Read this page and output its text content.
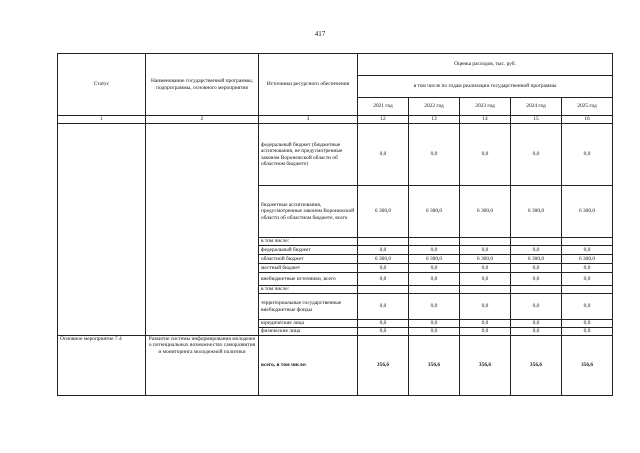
417
Статус	Наименование государственной программы, подпрограммы, основного мероприятия	Источники ресурсного обеспечения	Оценка расходов, тыс. руб.				
			в том числе по годам реализации государственной программы				
			2021 год	2022 год	2023 год	2024 год	2025 год
1	2	3	12	13	14	15	16
		федеральный бюджет (бюджетные ассигнования, не предусмотренные законом Воронежской области об областном бюджете)	0,0	0,0	0,0	0,0	0,0
		бюджетные ассигнования, предусмотренные законом Воронежской области об областном бюджете, всего	6 300,0	6 300,0	6 300,0	6 300,0	6 300,0
		в том числе:					
		федеральный бюджет	0,0	0,0	0,0	0,0	0,0
		областной бюджет	6 300,0	6 300,0	6 300,0	6 300,0	6 300,0
		местный бюджет	0,0	0,0	0,0	0,0	0,0
		внебюджетные источники, всего	0,0	0,0	0,0	0,0	0,0
		в том числе:					
		территориальные государственные внебюджетные фонды	0,0	0,0	0,0	0,0	0,0
		юридические лица	0,0	0,0	0,0	0,0	0,0
		физические лица	0,0	0,0	0,0	0,0	0,0
Основное мероприятие 7.4	Развитие системы информирования молодежи о потенциальных возможностях саморазвития и мониторинга молодежной политики	всего, в том числе:	356,6	356,6	356,6	356,6	356,6
